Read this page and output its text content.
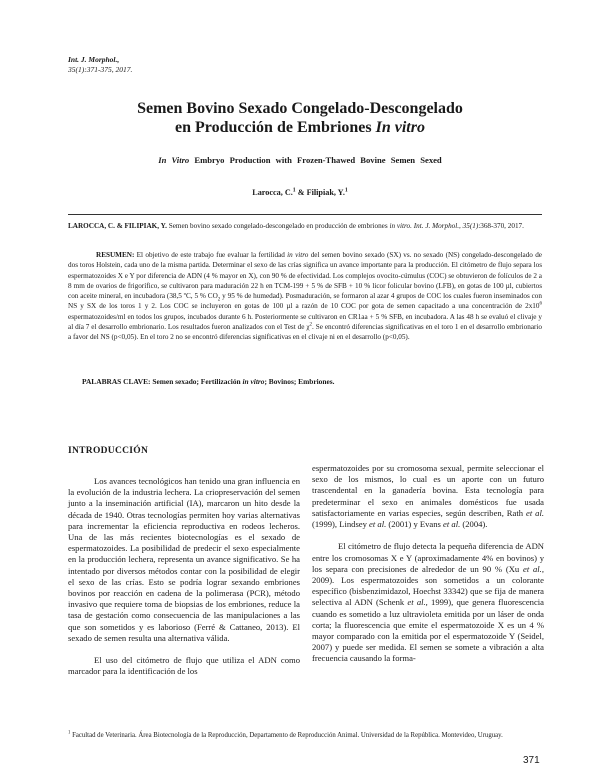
Int. J. Morphol.,
35(1):371-375, 2017.
Semen Bovino Sexado Congelado-Descongelado
en Producción de Embriones In vitro
In Vitro Embryo Production with Frozen-Thawed Bovine Semen Sexed
Larocca, C.$^1$ & Filipiak, Y.$^1$
LAROCCA, C. & FILIPIAK, Y. Semen bovino sexado congelado-descongelado en producción de embriones in vitro. Int. J. Morphol., 35(1):368-370, 2017.
RESUMEN: El objetivo de este trabajo fue evaluar la fertilidad in vitro del semen bovino sexado (SX) vs. no sexado (NS) congelado-descongelado de dos toros Holstein, cada uno de la misma partida. Determinar el sexo de las crías significa un avance importante para la producción. El citómetro de flujo separa los espermatozoides X e Y por diferencia de ADN (4 % mayor en X), con 90 % de efectividad. Los complejos ovocito-cúmulus (COC) se obtuvieron de folículos de 2 a 8 mm de ovarios de frigorífico, se cultivaron para maduración 22 h en TCM-199 + 5 % de SFB + 10 % licor folicular bovino (LFB), en gotas de 100 µl, cubiertos con aceite mineral, en incubadora (38,5 ºC, 5 % $CO_2$ y 95 % de humedad). Posmaduración, se formaron al azar 4 grupos de COC los cuales fueron inseminados con NS y SX de los toros 1 y 2. Los COC se incluyeron en gotas de 100 µl a razón de 10 COC por gota de semen capacitado a una concentración de $2x10^6$ espermatozoides/ml en todos los grupos, incubados durante 6 h. Posteriormente se cultivaron en CR1aa + 5 % SFB, en incubadora. A las 48 h se evaluó el clivaje y al día 7 el desarrollo embrionario. Los resultados fueron analizados con el Test de $\chi^2$. Se encontró diferencias significativas en el toro 1 en el desarrollo embrionario a favor del NS (p<0,05). En el toro 2 no se encontró diferencias significativas en el clivaje ni en el desarrollo (p<0,05).
PALABRAS CLAVE: Semen sexado; Fertilización in vitro; Bovinos; Embriones.
INTRODUCCIÓN

Los avances tecnológicos han tenido una gran influencia en la evolución de la industria lechera. La criopreservación del semen junto a la inseminación artificial (IA), marcaron un hito desde la década de 1940. Otras tecnologías permiten hoy varias alternativas para incrementar la eficiencia reproductiva en rodeos lecheros. Una de las más recientes biotecnologías es el sexado de espermatozoides. La posibilidad de predecir el sexo especialmente en la producción lechera, representa un avance significativo. Se ha intentado por diversos métodos contar con la posibilidad de elegir el sexo de las crías. Esto se podría lograr sexando embriones bovinos por reacción en cadena de la polimerasa (PCR), método invasivo que requiere toma de biopsias de los embriones, reduce la tasa de gestación como consecuencia de las manipulaciones a las que son sometidos y es laborioso (Ferré & Cattaneo, 2013). El sexado de semen resulta una alternativa válida.

El uso del citómetro de flujo que utiliza el ADN como marcador para la identificación de los

espermatozoides por su cromosoma sexual, permite seleccionar el sexo de los mismos, lo cual es un aporte con un futuro trascendental en la ganadería bovina. Esta tecnología para predeterminar el sexo en animales domésticos fue usada satisfactoriamente en varias especies, según describen, Rath et al. (1999), Lindsey et al. (2001) y Evans et al. (2004).

El citómetro de flujo detecta la pequeña diferencia de ADN entre los cromosomas X e Y (aproximadamente 4% en bovinos) y los separa con precisiones de alrededor de un 90 % (Xu et al., 2009). Los espermatozoides son sometidos a un colorante específico (bisbenzimidazol, Hoechst 33342) que se fija de manera selectiva al ADN (Schenk et al., 1999), que genera fluorescencia cuando es sometido a luz ultravioleta emitida por un láser de onda corta; la fluorescencia que emite el espermatozoide X es un 4 % mayor comparado con la emitida por el espermatozoide Y (Seidel, 2007) y puede ser medida. El semen se somete a vibración a alta frecuencia causando la forma-

$^1$ Facultad de Veterinaria. Área Biotecnología de la Reproducción, Departamento de Reproducción Animal. Universidad de la República. Montevideo, Uruguay.
371
